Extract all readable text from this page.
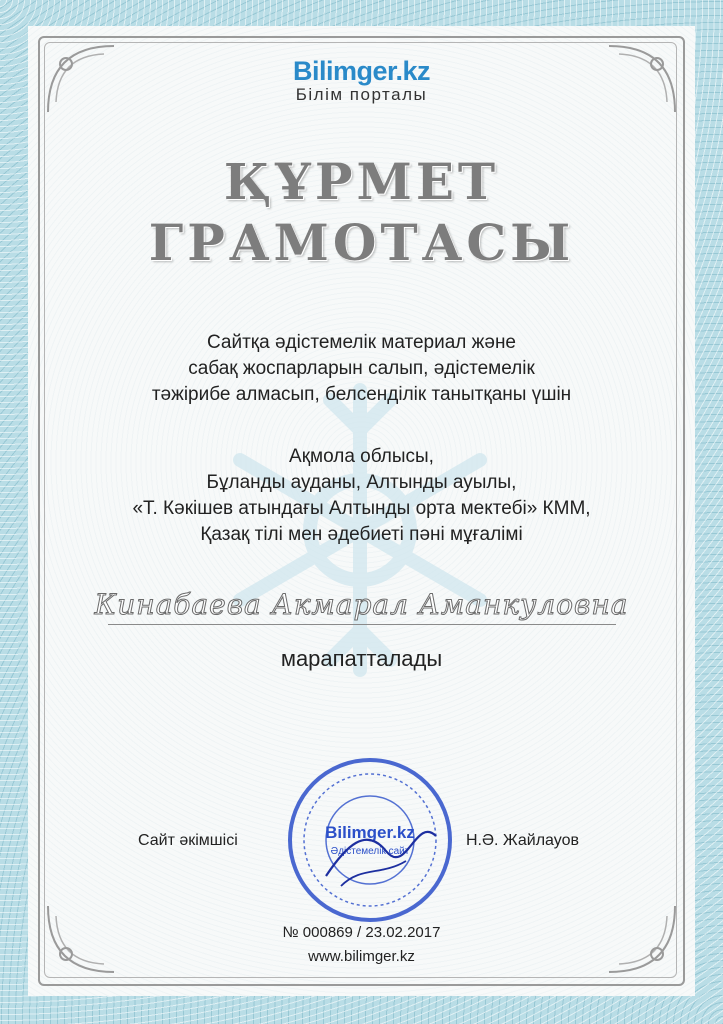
Bilimger.kz
Білім порталы
ҚҰРМЕТ
ГРАМОТАСЫ
Сайтқа әдістемелік материал және
сабақ жоспарларын салып, әдістемелік
тәжірибе алмасып, белсенділік танытқаны үшін
Ақмола облысы,
Бұланды ауданы, Алтынды ауылы,
«Т. Кәкішев атындағы Алтынды орта мектебі» КММ,
Қазақ тілі мен әдебиеті пәні мұғалімі
Кинабаева Акмарал Аманкуловна
марапатталады
Сайт әкімшісі	Н.Ә. Жайлауов
Bilimger.kz
Әдістемелік сайт
№ 000869 / 23.02.2017
www.bilimger.kz
